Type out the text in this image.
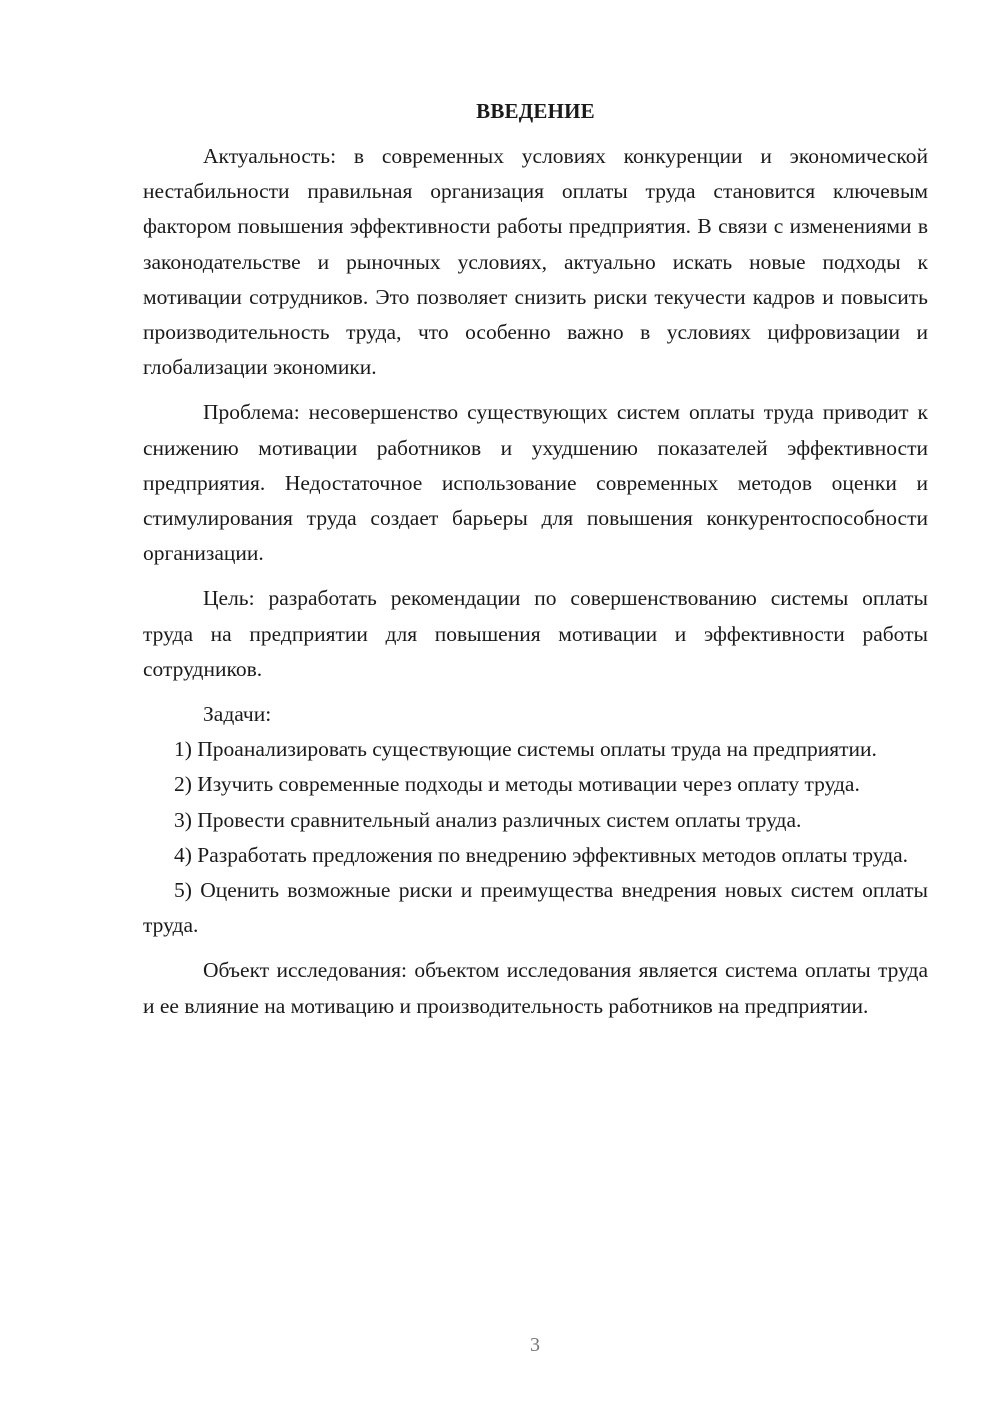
ВВЕДЕНИЕ

Актуальность: в современных условиях конкуренции и экономической нестабильности правильная организация оплаты труда становится ключевым фактором повышения эффективности работы предприятия. В связи с изменениями в законодательстве и рыночных условиях, актуально искать новые подходы к мотивации сотрудников. Это позволяет снизить риски текучести кадров и повысить производительность труда, что особенно важно в условиях цифровизации и глобализации экономики.

Проблема: несовершенство существующих систем оплаты труда приводит к снижению мотивации работников и ухудшению показателей эффективности предприятия. Недостаточное использование современных методов оценки и стимулирования труда создает барьеры для повышения конкурентоспособности организации.

Цель: разработать рекомендации по совершенствованию системы оплаты труда на предприятии для повышения мотивации и эффективности работы сотрудников.

Задачи:

1) Проанализировать существующие системы оплаты труда на предприятии.

2) Изучить современные подходы и методы мотивации через оплату труда.

3) Провести сравнительный анализ различных систем оплаты труда.

4) Разработать предложения по внедрению эффективных методов оплаты труда.

5) Оценить возможные риски и преимущества внедрения новых систем оплаты труда.

Объект исследования: объектом исследования является система оплаты труда и ее влияние на мотивацию и производительность работников на предприятии.

3
